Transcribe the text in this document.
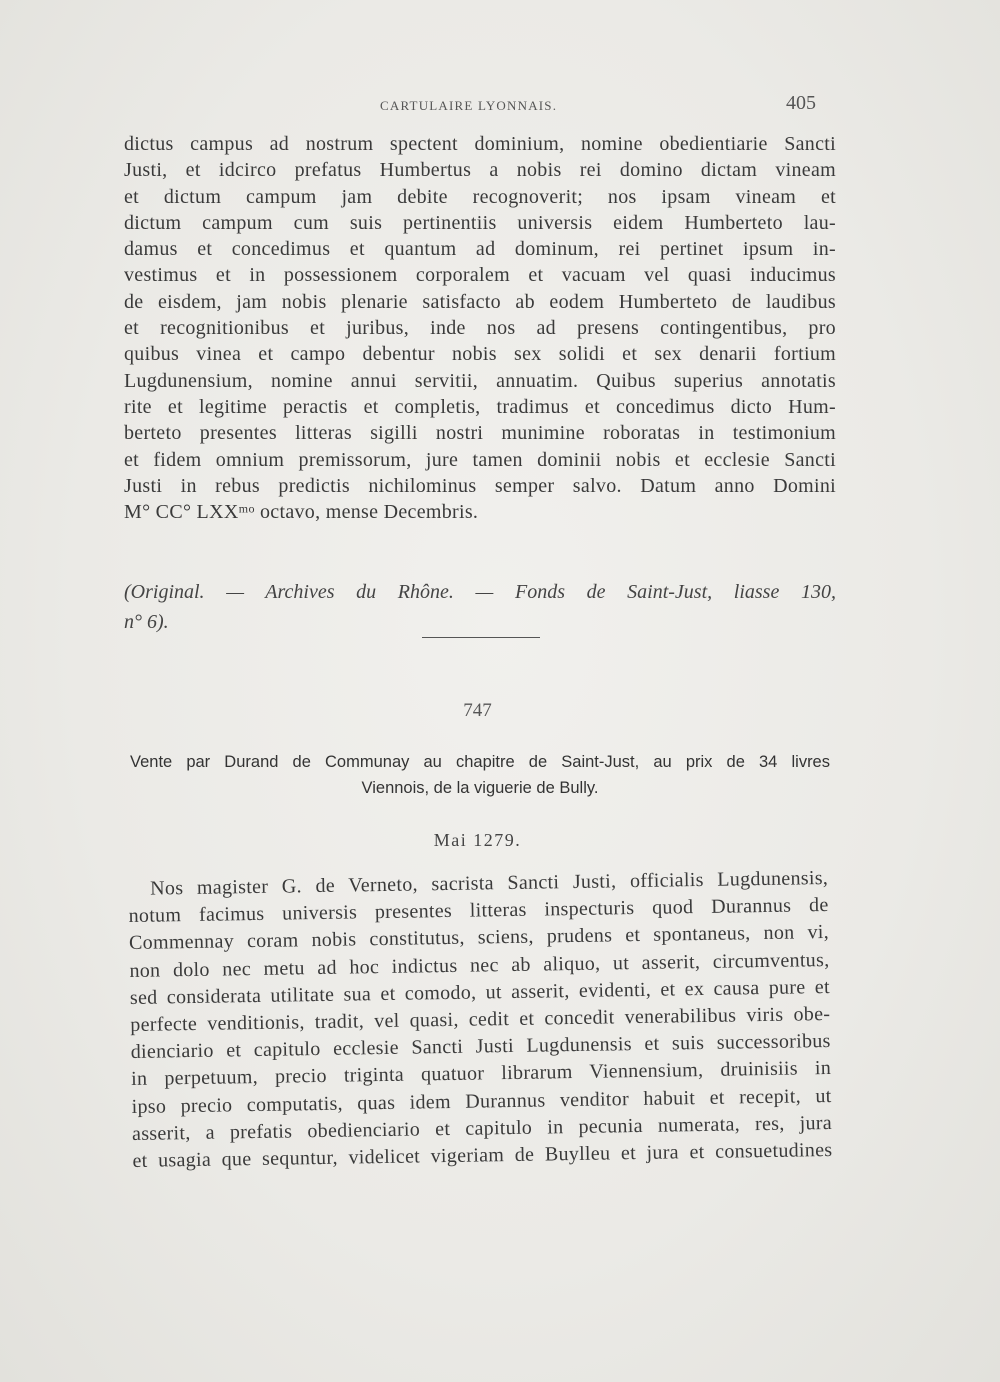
CARTULAIRE LYONNAIS.	405
dictus campus ad nostrum spectent dominium, nomine obedientiarie Sancti
Justi, et idcirco prefatus Humbertus a nobis rei domino dictam vineam
et dictum campum jam debite recognoverit; nos ipsam vineam et
dictum campum cum suis pertinentiis universis eidem Humberteto lau-
damus et concedimus et quantum ad dominum, rei pertinet ipsum in-
vestimus et in possessionem corporalem et vacuam vel quasi inducimus
de eisdem, jam nobis plenarie satisfacto ab eodem Humberteto de laudibus
et recognitionibus et juribus, inde nos ad presens contingentibus, pro
quibus vinea et campo debentur nobis sex solidi et sex denarii fortium
Lugdunensium, nomine annui servitii, annuatim. Quibus superius annotatis
rite et legitime peractis et completis, tradimus et concedimus dicto Hum-
berteto presentes litteras sigilli nostri munimine roboratas in testimonium
et fidem omnium premissorum, jure tamen dominii nobis et ecclesie Sancti
Justi in rebus predictis nichilominus semper salvo. Datum anno Domini
M° CC° LXXᵐᵒ octavo, mense Decembris.
(Original. — Archives du Rhône. — Fonds de Saint-Just, liasse 130,
n° 6).
747
Vente par Durand de Communay au chapitre de Saint-Just, au prix de 34 livres
Viennois, de la viguerie de Bully.
Mai 1279.
Nos magister G. de Verneto, sacrista Sancti Justi, officialis Lugdunensis,
notum facimus universis presentes litteras inspecturis quod Durannus de
Commennay coram nobis constitutus, sciens, prudens et spontaneus, non vi,
non dolo nec metu ad hoc indictus nec ab aliquo, ut asserit, circumventus,
sed considerata utilitate sua et comodo, ut asserit, evidenti, et ex causa pure et
perfecte venditionis, tradit, vel quasi, cedit et concedit venerabilibus viris obe-
dienciario et capitulo ecclesie Sancti Justi Lugdunensis et suis successoribus
in perpetuum, precio triginta quatuor librarum Viennensium, druinisiis in
ipso precio computatis, quas idem Durannus venditor habuit et recepit, ut
asserit, a prefatis obedienciario et capitulo in pecunia numerata, res, jura
et usagia que sequntur, videlicet vigeriam de Buylleu et jura et consuetudines
